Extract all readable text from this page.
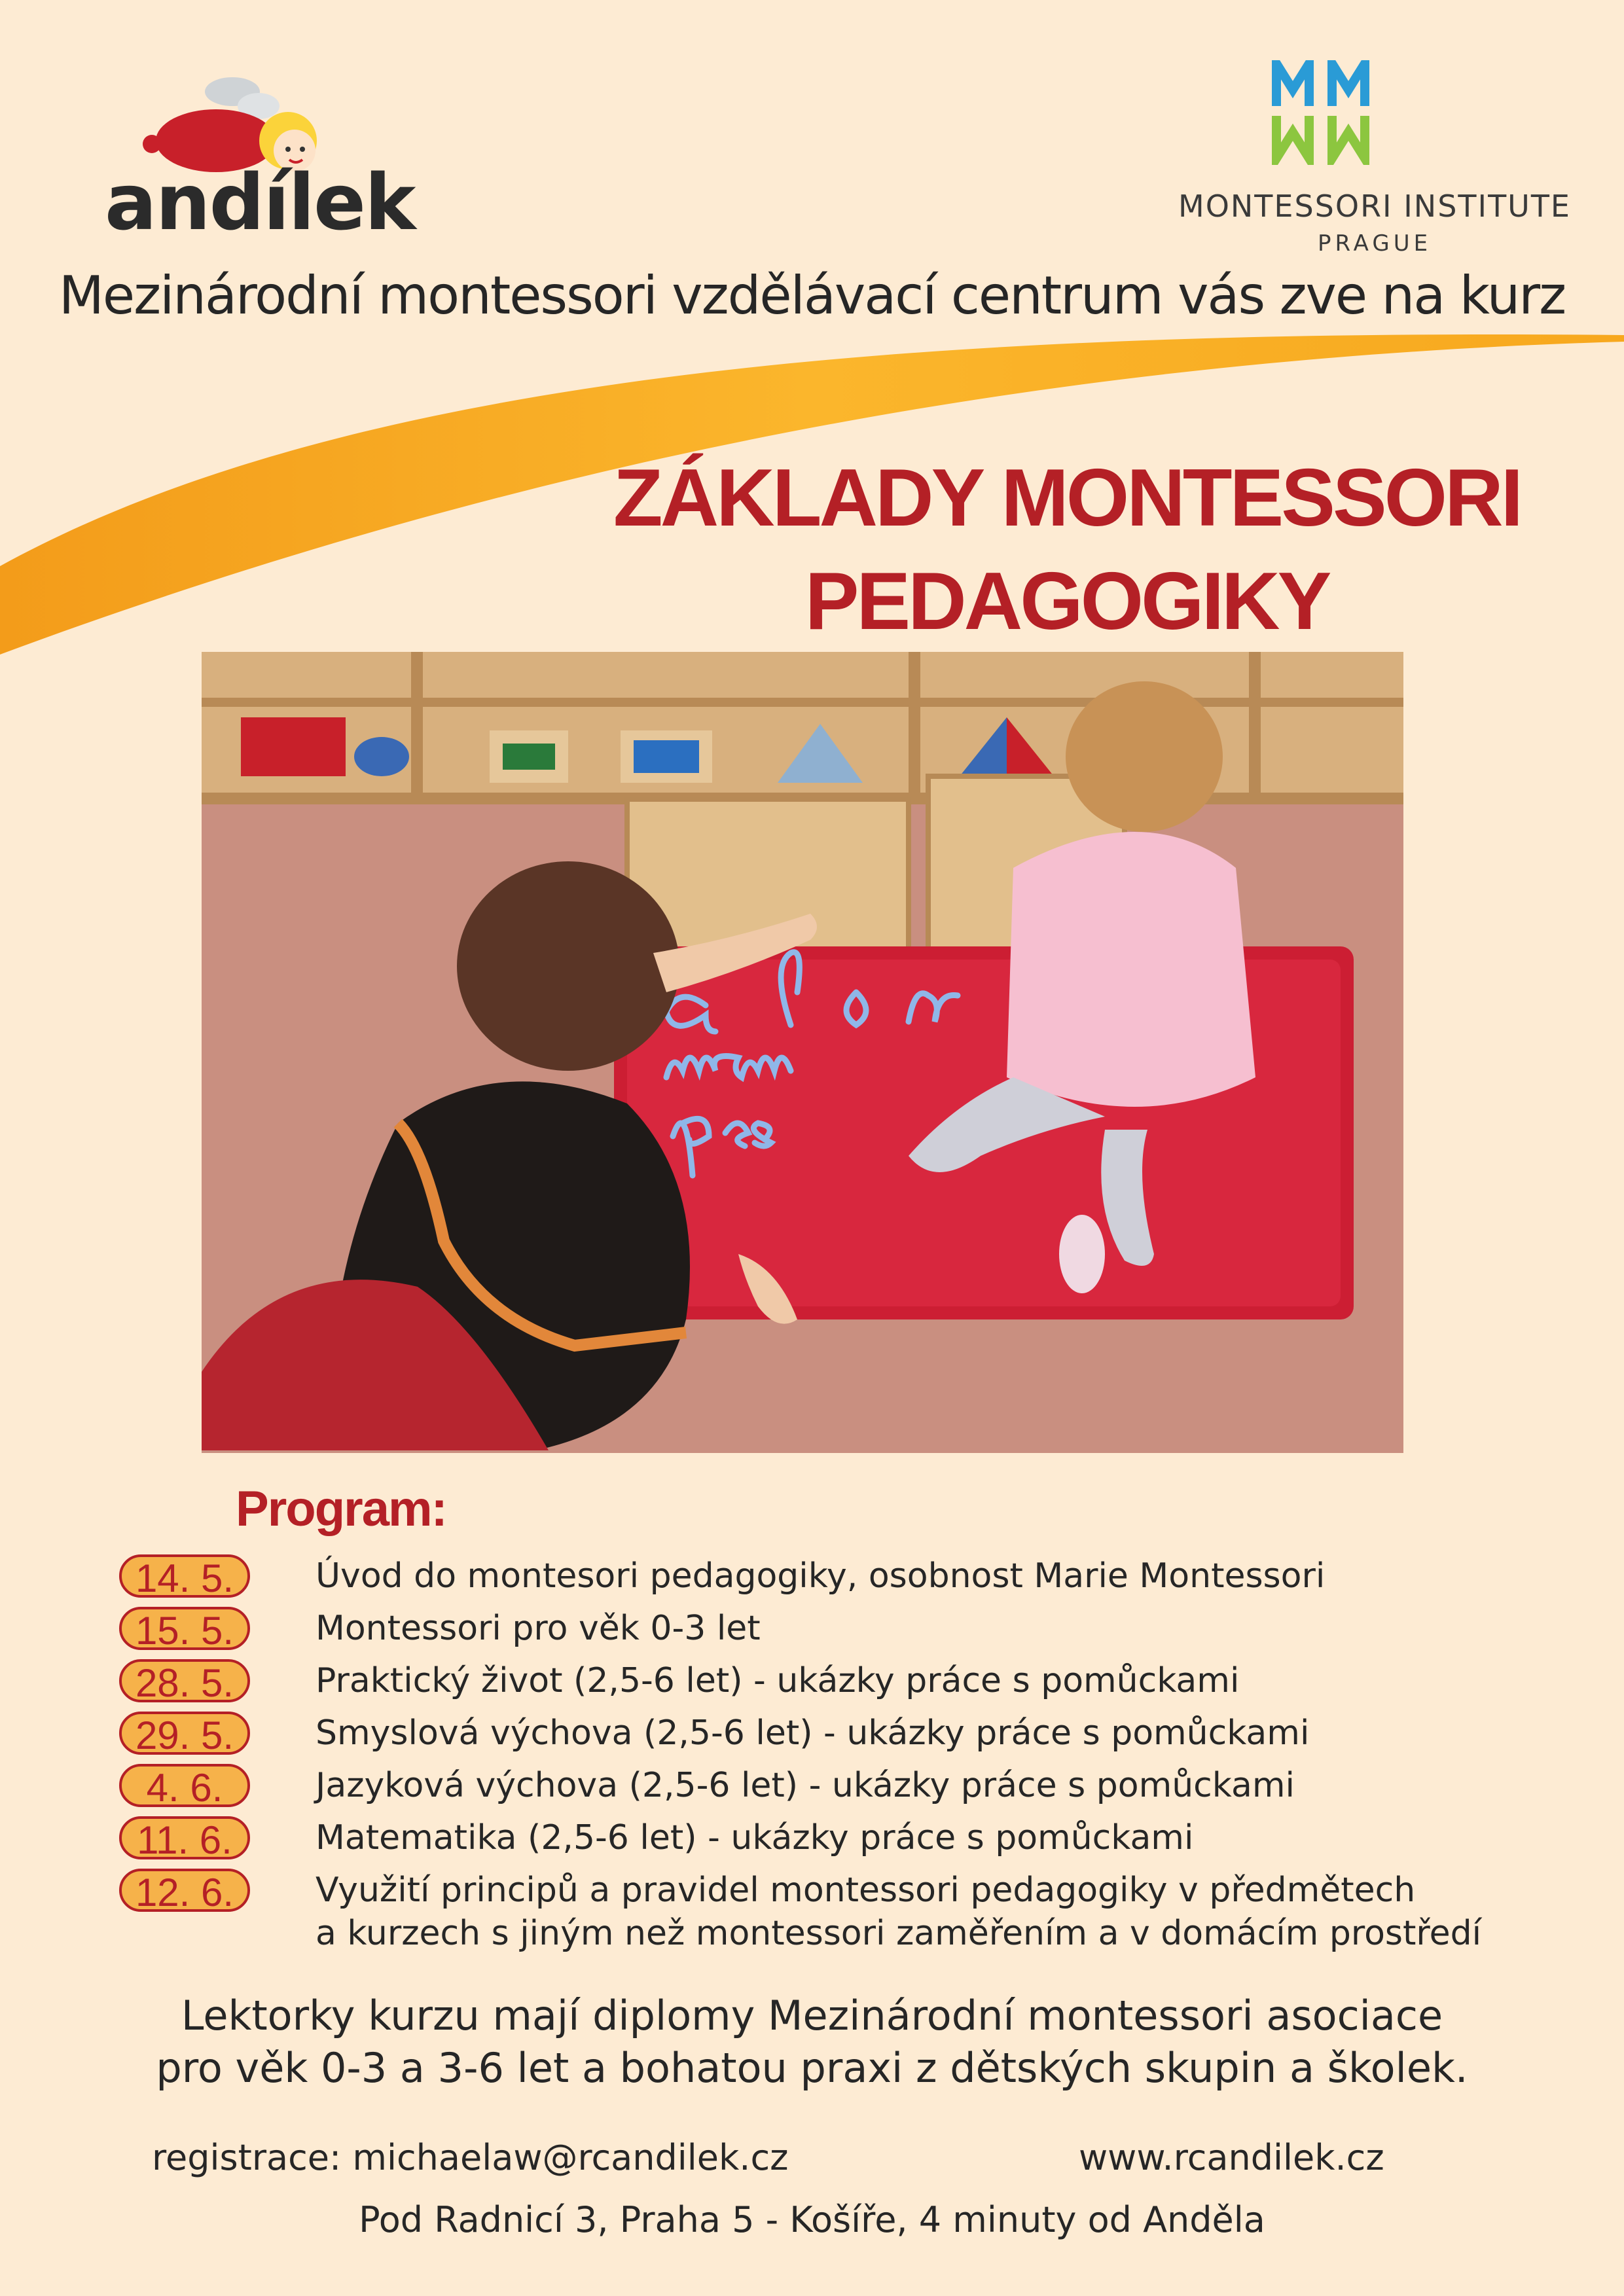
andílek	MONTESSORI INSTITUTE
PRAGUE
Mezinárodní montessori vzdělávací centrum vás zve na kurz
ZÁKLADY MONTESSORI
PEDAGOGIKY
Program:
14. 5.	Úvod do montesori pedagogiky, osobnost Marie Montessori
15. 5.	Montessori pro věk 0-3 let
28. 5.	Praktický život (2,5-6 let) - ukázky práce s pomůckami
29. 5.	Smyslová výchova (2,5-6 let) - ukázky práce s pomůckami
4. 6.	Jazyková výchova (2,5-6 let) - ukázky práce s pomůckami
11. 6.	Matematika (2,5-6 let) - ukázky práce s pomůckami
12. 6.	Využití principů a pravidel montessori pedagogiky v předmětech
a kurzech s jiným než montessori zaměřením a v domácím prostředí
Lektorky kurzu mají diplomy Mezinárodní montessori asociace
pro věk 0-3 a 3-6 let a bohatou praxi z dětských skupin a školek.
registrace: michaelaw@rcandilek.cz	www.rcandilek.cz
Pod Radnicí 3, Praha 5 - Košíře, 4 minuty od Anděla
